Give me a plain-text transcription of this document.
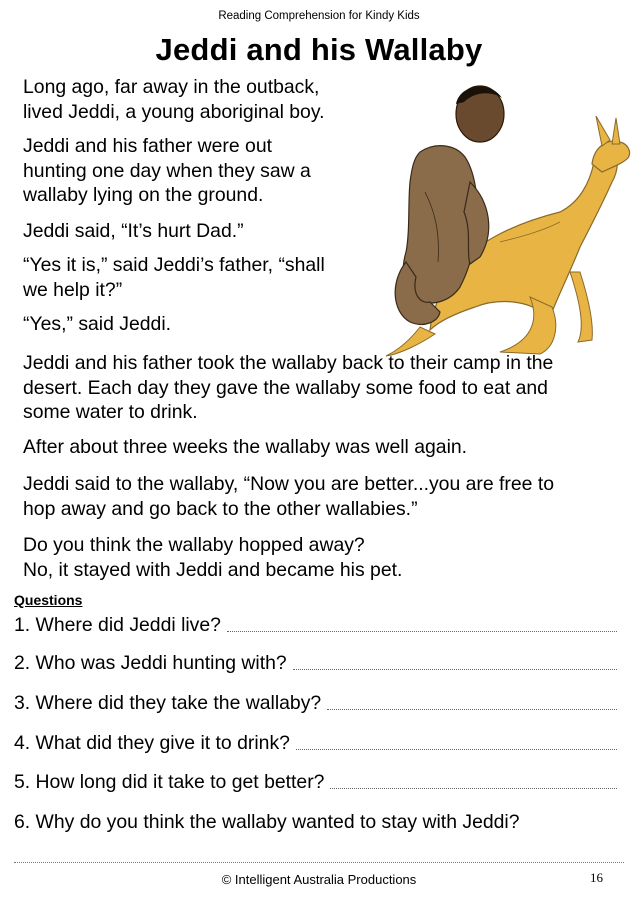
Reading Comprehension for Kindy Kids
Jeddi and his Wallaby

Long ago, far away in the outback,
lived Jeddi, a young aboriginal boy.

Jeddi and his father were out
hunting one day when they saw a
wallaby lying on the ground.

Jeddi said, “It’s hurt Dad.”

“Yes it is,” said Jeddi’s father, “shall
we help it?”

“Yes,” said Jeddi.

Jeddi and his father took the wallaby back to their camp in the
desert. Each day they gave the wallaby some food to eat and
some water to drink.

After about three weeks the wallaby was well again.

Jeddi said to the wallaby, “Now you are better...you are free to
hop away and go back to the other wallabies.”

Do you think the wallaby hopped away?
No, it stayed with Jeddi and became his pet.

Questions
1. Where did Jeddi live?
2. Who was Jeddi hunting with?
3. Where did they take the wallaby?
4. What did they give it to drink?
5. How long did it take to get better?
6. Why do you think the wallaby wanted to stay with Jeddi?
© Intelligent Australia Productions	16
